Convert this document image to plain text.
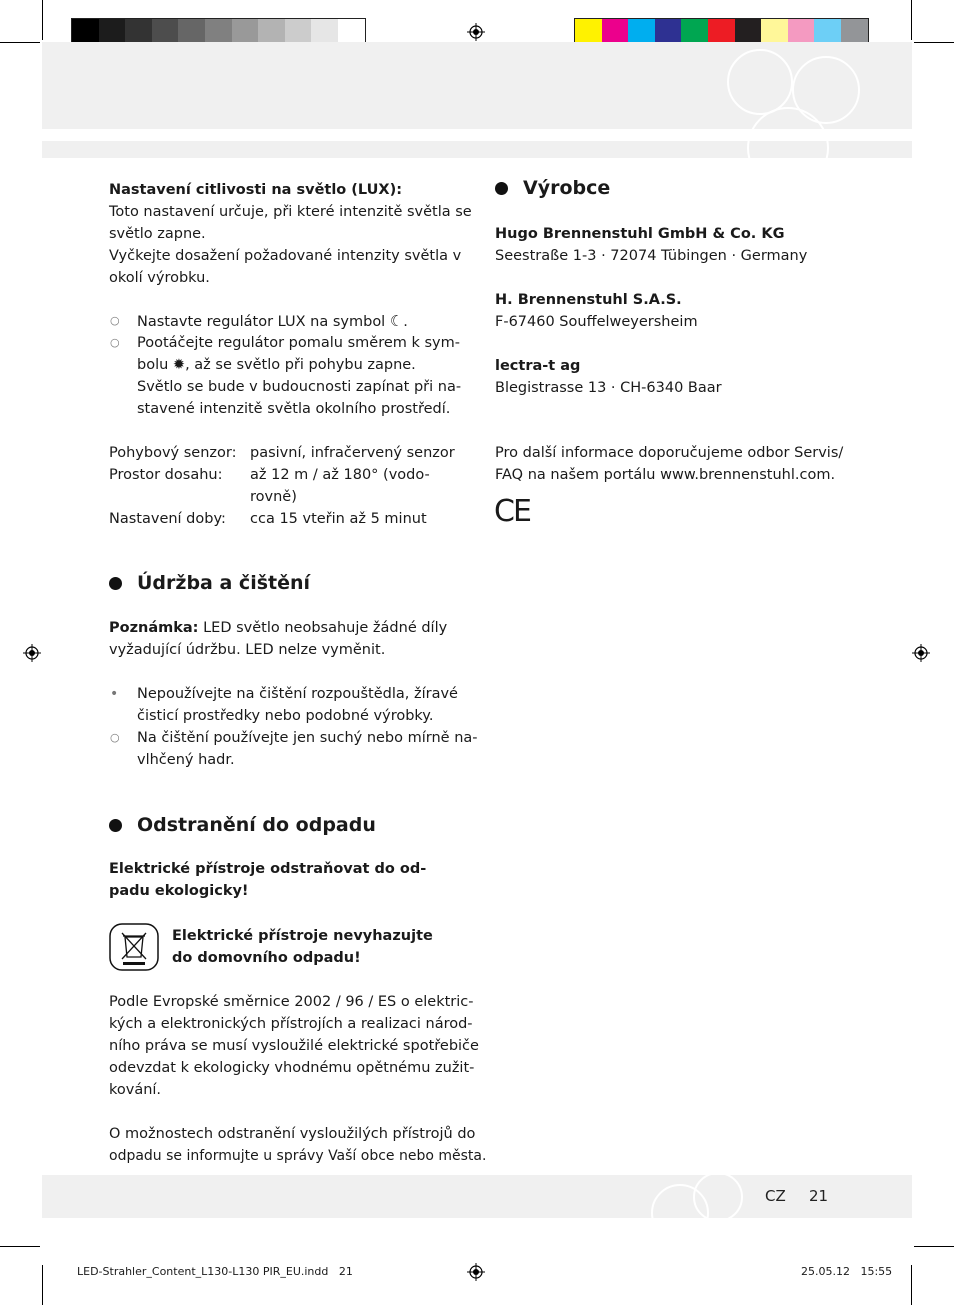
Nastavení citlivosti na světlo (LUX):
Toto nastavení určuje, při které intenzitě světla se
světlo zapne.
Vyčkejte dosažení požadované intenzity světla v
okolí výrobku.
○ Nastavte regulátor LUX na symbol ☾.
○ Pootáčejte regulátor pomalu směrem k sym-
bolu ✹, až se světlo při pohybu zapne.
Světlo se bude v budoucnosti zapínat při na-
stavené intenzitě světla okolního prostředí.
Pohybový senzor: pasivní, infračervený senzor
Prostor dosahu: až 12 m / až 180° (vodo-
rovně)
Nastavení doby: cca 15 vteřin až 5 minut
Údržba a čištění
Poznámka: LED světlo neobsahuje žádné díly
vyžadující údržbu. LED nelze vyměnit.
• Nepoužívejte na čištění rozpouštědla, žíravé
čisticí prostředky nebo podobné výrobky.
○ Na čištění používejte jen suchý nebo mírně na-
vlhčený hadr.
Odstranění do odpadu
Elektrické přístroje odstraňovat do od-
padu ekologicky!
Elektrické přístroje nevyhazujte
do domovního odpadu!
Podle Evropské směrnice 2002 / 96 / ES o elektric-
kých a elektronických přístrojích a realizaci národ-
ního práva se musí vysloužilé elektrické spotřebiče
odevzdat k ekologicky vhodnému opětnému zužit-
kování.
O možnostech odstranění vysloužilých přístrojů do
odpadu se informujte u správy Vaší obce nebo města.
Výrobce
Hugo Brennenstuhl GmbH & Co. KG
Seestraße 1-3 · 72074 Tübingen · Germany
H. Brennenstuhl S.A.S.
F-67460 Souffelweyersheim
lectra-t ag
Blegistrasse 13 · CH-6340 Baar
Pro další informace doporučujeme odbor Servis/
FAQ na našem portálu www.brennenstuhl.com.
CE
CZ 21
LED-Strahler_Content_L130-L130 PIR_EU.indd   21	25.05.12   15:55
